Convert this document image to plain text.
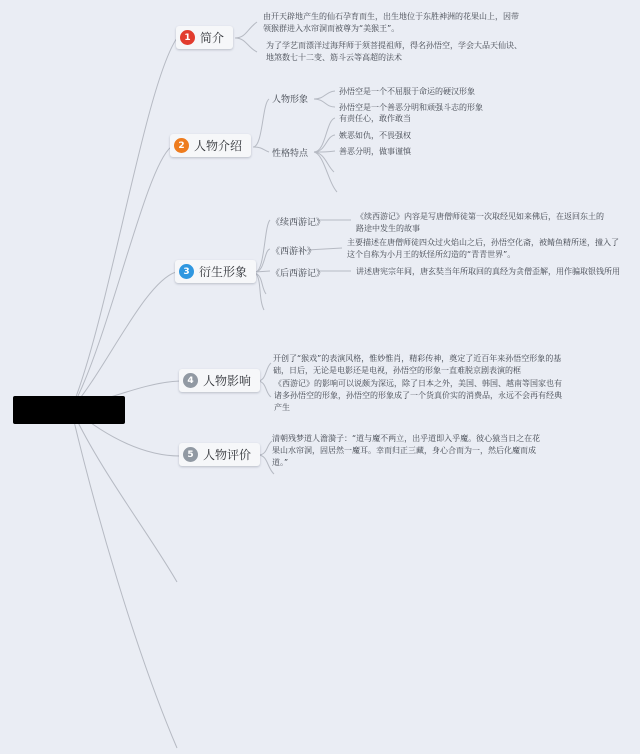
1 简介
2 人物介绍
3 衍生形象
4 人物影响
5 人物评价
由开天辟地产生的仙石孕育而生，出生地位于东胜神洲的花果山上，因带领猴群进入水帘洞而被尊为“美猴王”。
为了学艺而漂洋过海拜师于须菩提祖师，得名孙悟空，学会大品天仙诀、地煞数七十二变、筋斗云等高超的法术
人物形象
孙悟空是一个不屈服于命运的硬汉形象
孙悟空是一个善恶分明和顽强斗志的形象
性格特点
有责任心，敢作敢当
嫉恶如仇，不畏强权
善恶分明，做事谨慎
《续西游记》
《续西游记》内容是写唐僧师徒第一次取经见如来佛后，在返回东土的路途中发生的故事
《西游补》
主要描述在唐僧师徒四众过火焰山之后，孙悟空化斋，被鲭鱼精所迷，撞入了这个自称为小月王的妖怪所幻造的“青青世界”。
《后西游记》	讲述唐宪宗年间，唐玄奘当年所取回的真经为贪僧歪解，用作骗取银钱所用
开创了“猴戏”的表演风格，惟妙惟肖，精彩传神，奠定了近百年来孙悟空形象的基础，日后，无论是电影还是电视，孙悟空的形象一直难脱京剧表演的框
《西游记》的影响可以说颇为深远，除了日本之外，美国、韩国、越南等国家也有诸多孙悟空的形象，孙悟空的形象成了一个货真价实的消费品，永远不会再有经典产生
清朝残梦道人澹漪子：“道与魔不两立，出乎道即入乎魔。彼心猿当日之在花果山水帘洞，固居然一魔耳。幸而归正三藏，身心合而为一，然后化魔而成道。”
